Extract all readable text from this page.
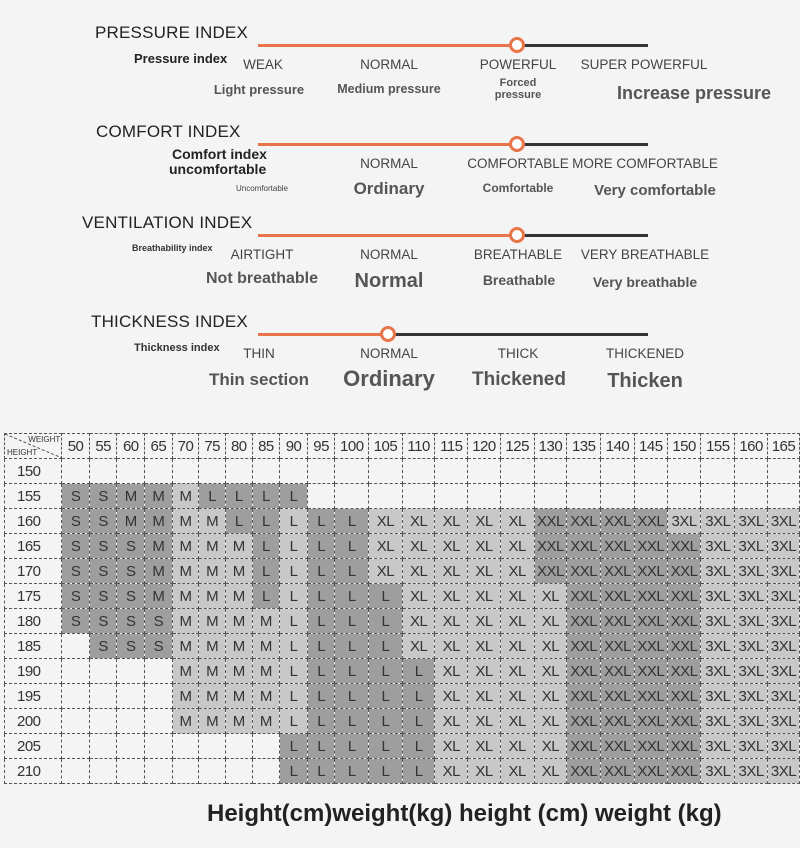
PRESSURE INDEX
Pressure index WEAK	NORMAL	POWERFUL SUPER POWERFUL
Light pressure	Medium pressure	Forced
pressure	Increase pressure
COMFORT INDEX
Comfort index
uncomfortable
Uncomfortable
NORMAL	COMFORTABLE MORE COMFORTABLE
Ordinary	Comfortable	Very comfortable
VENTILATION INDEX
Breathability index AIRTIGHT	NORMAL	BREATHABLE VERY BREATHABLE
Not breathable Normal	Breathable	Very breathable
THICKNESS INDEX
Thickness index THIN	NORMAL	THICK	THICKENED
Thin section Ordinary Thickened Thicken
WEIGHT
HEIGHT	50	55	60	65	70	75	80	85	90	95	100	105	110	115	120	125	130	135	140	145	150	155	160	165
150																								
155	S	S	M	M	M	L	L	L	L															
160	S	S	M	M	M	M	L	L	L	L	L	XL	XL	XL	XL	XL	XXL	XXL	XXL	XXL	3XL	3XL	3XL	3XL
165	S	S	S	M	M	M	M	L	L	L	L	XL	XL	XL	XL	XL	XXL	XXL	XXL	XXL	XXL	3XL	3XL	3XL
170	S	S	S	M	M	M	M	L	L	L	L	XL	XL	XL	XL	XL	XXL	XXL	XXL	XXL	XXL	3XL	3XL	3XL
175	S	S	S	M	M	M	M	L	L	L	L	L	XL	XL	XL	XL	XL	XXL	XXL	XXL	XXL	3XL	3XL	3XL
180	S	S	S	S	M	M	M	M	L	L	L	L	XL	XL	XL	XL	XL	XXL	XXL	XXL	XXL	3XL	3XL	3XL
185		S	S	S	M	M	M	M	L	L	L	L	XL	XL	XL	XL	XL	XXL	XXL	XXL	XXL	3XL	3XL	3XL
190					M	M	M	M	L	L	L	L	L	XL	XL	XL	XL	XXL	XXL	XXL	XXL	3XL	3XL	3XL
195					M	M	M	M	L	L	L	L	L	XL	XL	XL	XL	XXL	XXL	XXL	XXL	3XL	3XL	3XL
200					M	M	M	M	L	L	L	L	L	XL	XL	XL	XL	XXL	XXL	XXL	XXL	3XL	3XL	3XL
205									L	L	L	L	L	XL	XL	XL	XL	XXL	XXL	XXL	XXL	3XL	3XL	3XL
210									L	L	L	L	L	XL	XL	XL	XL	XXL	XXL	XXL	XXL	3XL	3XL	3XL
Height(cm)weight(kg) height (cm) weight (kg)
